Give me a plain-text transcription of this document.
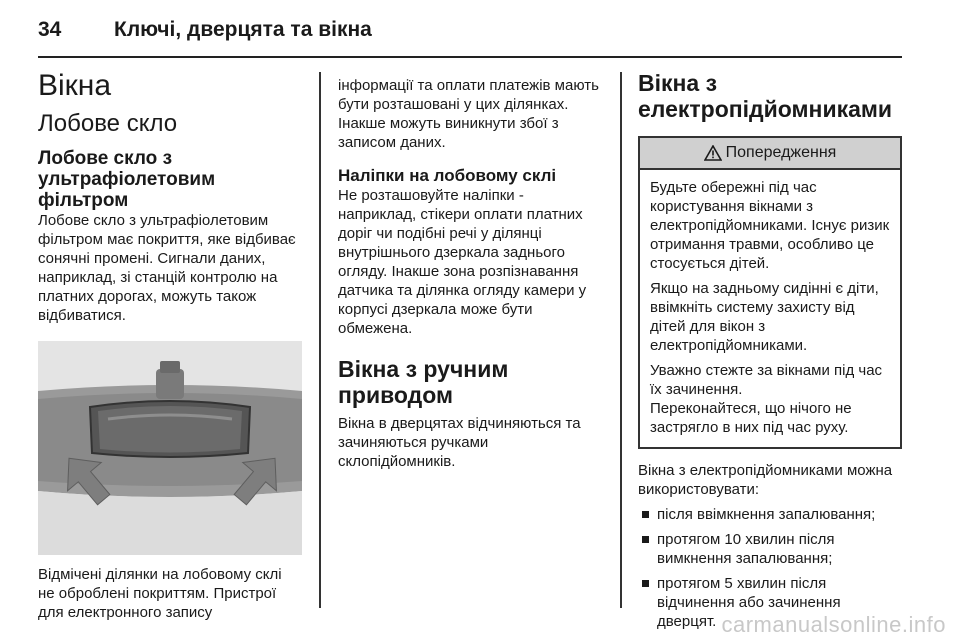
34	Ключі, дверцята та вікна
Вікна
Лобове скло
Лобове скло з ультрафіолетовим фільтром
Лобове скло з ультрафіолетовим фільтром має покриття, яке відбиває сонячні промені. Сигнали даних, наприклад, зі станцій контролю на платних дорогах, можуть також відбиватися.
Відмічені ділянки на лобовому склі не оброблені покриттям. Пристрої для електронного запису
інформації та оплати платежів мають бути розташовані у цих ділянках. Інакше можуть виникнути збої з записом даних.
Наліпки на лобовому склі
Не розташовуйте наліпки - наприклад, стікери оплати платних доріг чи подібні речі у ділянці внутрішнього дзеркала заднього огляду. Інакше зона розпізнавання датчика та ділянка огляду камери у корпусі дзеркала може бути обмежена.
Вікна з ручним приводом
Вікна в дверцятах відчиняються та зачиняються ручками склопідйомників.
Вікна з електропідйомниками
Попередження
Будьте обережні під час користування вікнами з електропідйомниками. Існує ризик отримання травми, особливо це стосується дітей.
Якщо на задньому сидінні є діти, ввімкніть систему захисту від дітей для вікон з електропідйомниками.
Уважно стежте за вікнами під час їх зачинення.
Переконайтеся, що нічого не застрягло в них під час руху.
Вікна з електропідйомниками можна використовувати:
після ввімкнення запалювання;
протягом 10 хвилин після вимкнення запалювання;
протягом 5 хвилин після відчинення або зачинення дверцят. carmanualsonline.info
